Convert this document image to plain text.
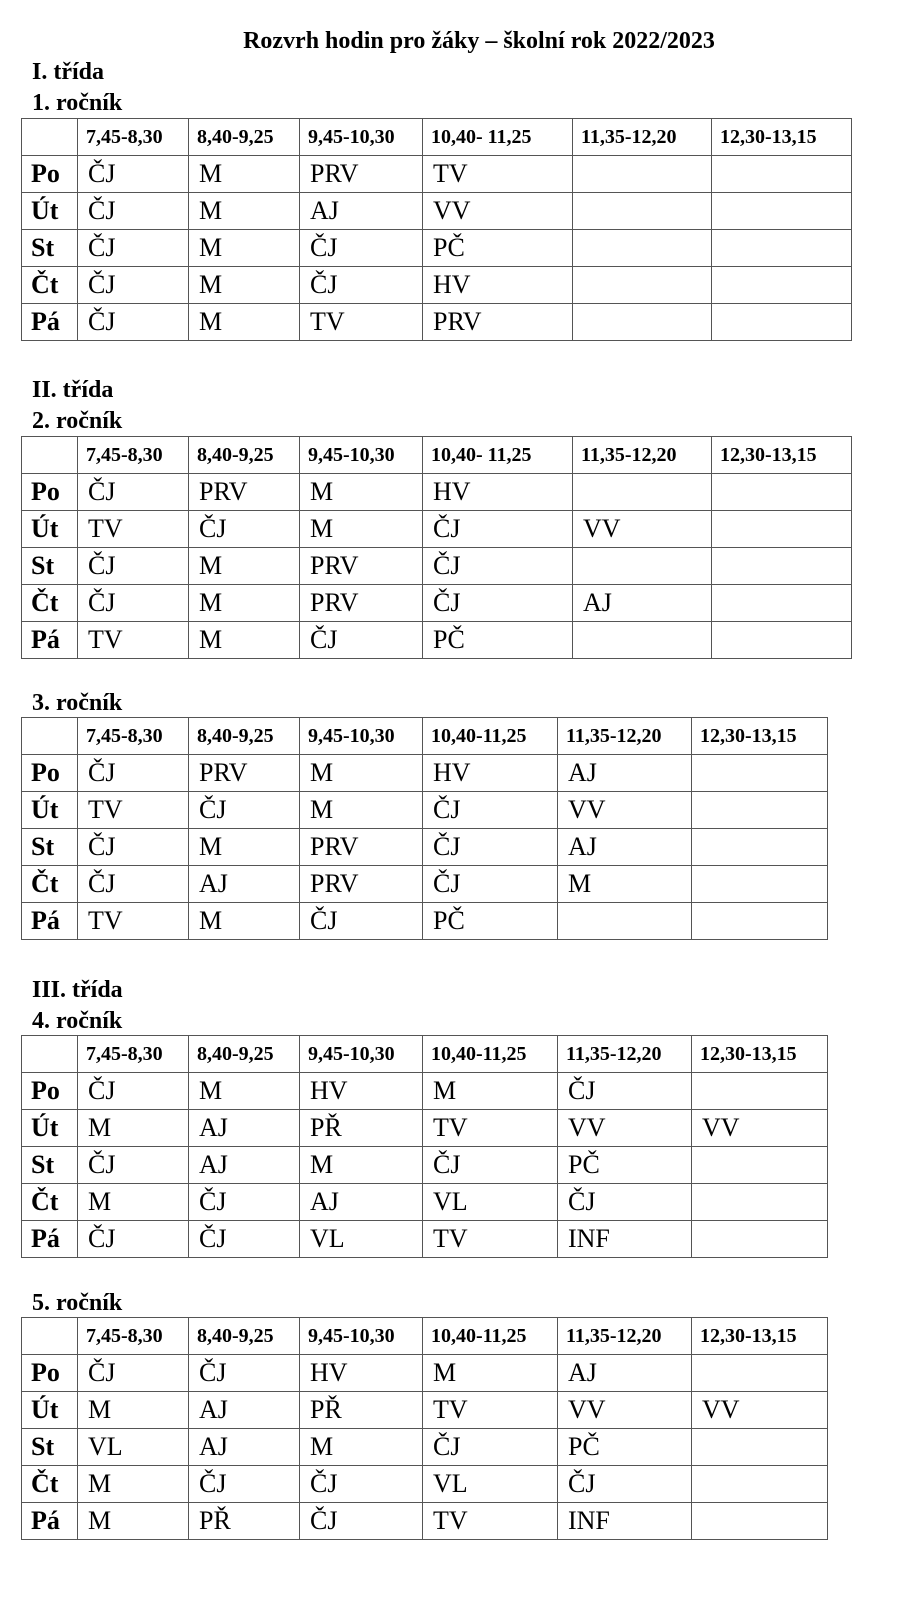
Rozvrh hodin pro žáky – školní rok 2022/2023
I. třída
1. ročník
	7,45-8,30	8,40-9,25	9,45-10,30	10,40- 11,25	11,35-12,20	12,30-13,15
Po	ČJ	M	PRV	TV		
Út	ČJ	M	AJ	VV		
St	ČJ	M	ČJ	PČ		
Čt	ČJ	M	ČJ	HV		
Pá	ČJ	M	TV	PRV		
II. třída
2. ročník
	7,45-8,30	8,40-9,25	9,45-10,30	10,40- 11,25	11,35-12,20	12,30-13,15
Po	ČJ	PRV	M	HV		
Út	TV	ČJ	M	ČJ	VV	
St	ČJ	M	PRV	ČJ		
Čt	ČJ	M	PRV	ČJ	AJ	
Pá	TV	M	ČJ	PČ		
3. ročník
	7,45-8,30	8,40-9,25	9,45-10,30	10,40-11,25	11,35-12,20	12,30-13,15
Po	ČJ	PRV	M	HV	AJ	
Út	TV	ČJ	M	ČJ	VV	
St	ČJ	M	PRV	ČJ	AJ	
Čt	ČJ	AJ	PRV	ČJ	M	
Pá	TV	M	ČJ	PČ		
III. třída
4. ročník
	7,45-8,30	8,40-9,25	9,45-10,30	10,40-11,25	11,35-12,20	12,30-13,15
Po	ČJ	M	HV	M	ČJ	
Út	M	AJ	PŘ	TV	VV	VV
St	ČJ	AJ	M	ČJ	PČ	
Čt	M	ČJ	AJ	VL	ČJ	
Pá	ČJ	ČJ	VL	TV	INF	
5. ročník
	7,45-8,30	8,40-9,25	9,45-10,30	10,40-11,25	11,35-12,20	12,30-13,15
Po	ČJ	ČJ	HV	M	AJ	
Út	M	AJ	PŘ	TV	VV	VV
St	VL	AJ	M	ČJ	PČ	
Čt	M	ČJ	ČJ	VL	ČJ	
Pá	M	PŘ	ČJ	TV	INF	
